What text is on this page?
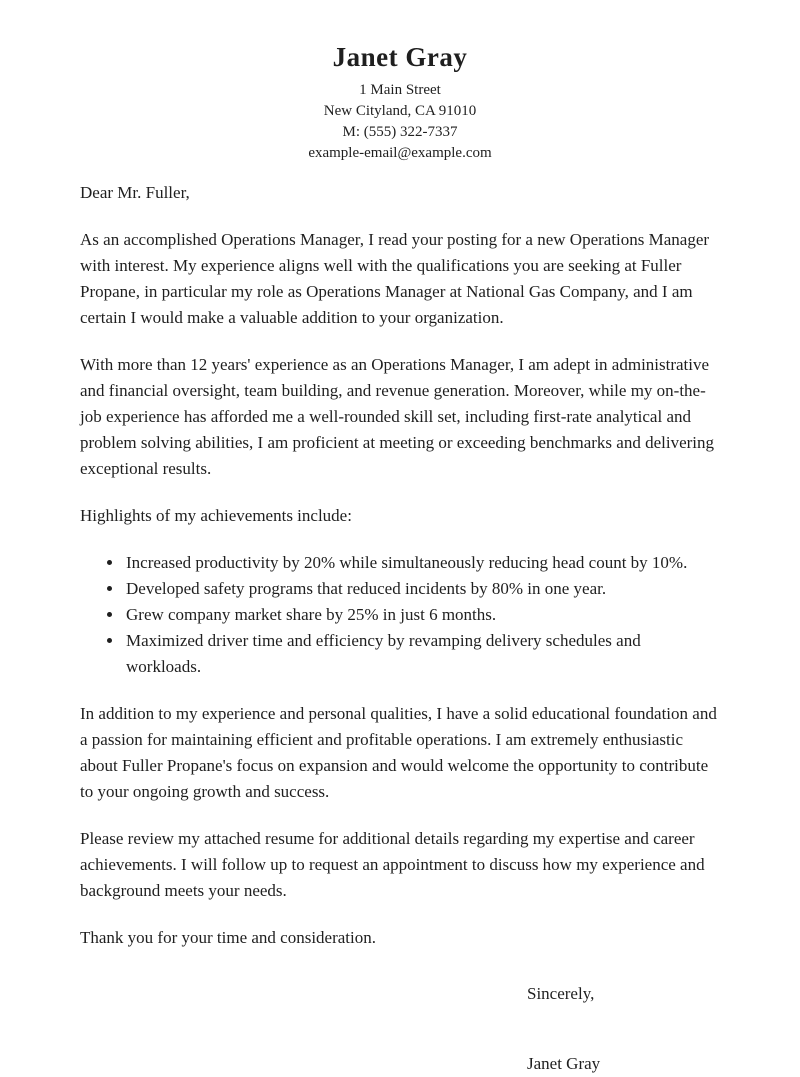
Janet Gray
1 Main Street
New Cityland, CA 91010
M: (555) 322-7337
example-email@example.com
Dear Mr. Fuller,

As an accomplished Operations Manager, I read your posting for a new Operations Manager with interest. My experience aligns well with the qualifications you are seeking at Fuller Propane, in particular my role as Operations Manager at National Gas Company, and I am certain I would make a valuable addition to your organization.

With more than 12 years' experience as an Operations Manager, I am adept in administrative and financial oversight, team building, and revenue generation. Moreover, while my on-the-job experience has afforded me a well-rounded skill set, including first-rate analytical and problem solving abilities, I am proficient at meeting or exceeding benchmarks and delivering exceptional results.

Highlights of my achievements include:

• Increased productivity by 20% while simultaneously reducing head count by 10%.
• Developed safety programs that reduced incidents by 80% in one year.
• Grew company market share by 25% in just 6 months.
• Maximized driver time and efficiency by revamping delivery schedules and workloads.

In addition to my experience and personal qualities, I have a solid educational foundation and a passion for maintaining efficient and profitable operations. I am extremely enthusiastic about Fuller Propane's focus on expansion and would welcome the opportunity to contribute to your ongoing growth and success.

Please review my attached resume for additional details regarding my expertise and career achievements. I will follow up to request an appointment to discuss how my experience and background meets your needs.

Thank you for your time and consideration.

Sincerely,
Janet Gray
